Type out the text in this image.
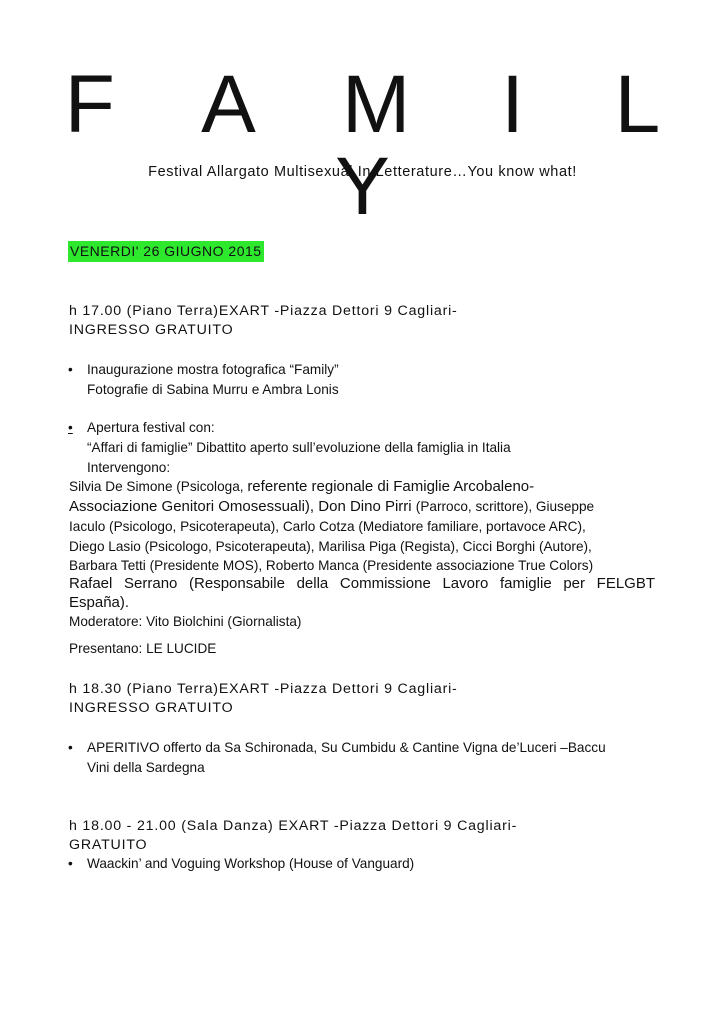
F A M I L Y
Festival Allargato Multisexual In Letterature…You know what!
VENERDI' 26 GIUGNO 2015
h 17.00 (Piano Terra)EXART -Piazza Dettori 9 Cagliari-
INGRESSO GRATUITO
•	Inaugurazione mostra fotografica “Family”
Fotografie di Sabina Murru e Ambra Lonis
•	Apertura festival con:
“Affari di famiglie” Dibattito aperto sull’evoluzione della famiglia in Italia
Intervengono:
Silvia De Simone (Psicologa, referente regionale di Famiglie Arcobaleno-
Associazione Genitori Omosessuali), Don Dino Pirri (Parroco, scrittore), Giuseppe
Iaculo (Psicologo, Psicoterapeuta), Carlo Cotza (Mediatore familiare, portavoce ARC),
Diego Lasio (Psicologo, Psicoterapeuta), Marilisa Piga (Regista), Cicci Borghi (Autore),
Barbara Tetti (Presidente MOS), Roberto Manca (Presidente associazione True Colors)
Rafael Serrano (Responsabile della Commissione Lavoro famiglie per FELGBT
España).
Moderatore: Vito Biolchini (Giornalista)
Presentano: LE LUCIDE
h 18.30 (Piano Terra)EXART -Piazza Dettori 9 Cagliari-
INGRESSO GRATUITO
•	APERITIVO offerto da Sa Schironada, Su Cumbidu & Cantine Vigna de’Luceri –Baccu
Vini della Sardegna
h 18.00 - 21.00 (Sala Danza) EXART -Piazza Dettori 9 Cagliari-
GRATUITO
•	Waackin’ and Voguing Workshop (House of Vanguard)
